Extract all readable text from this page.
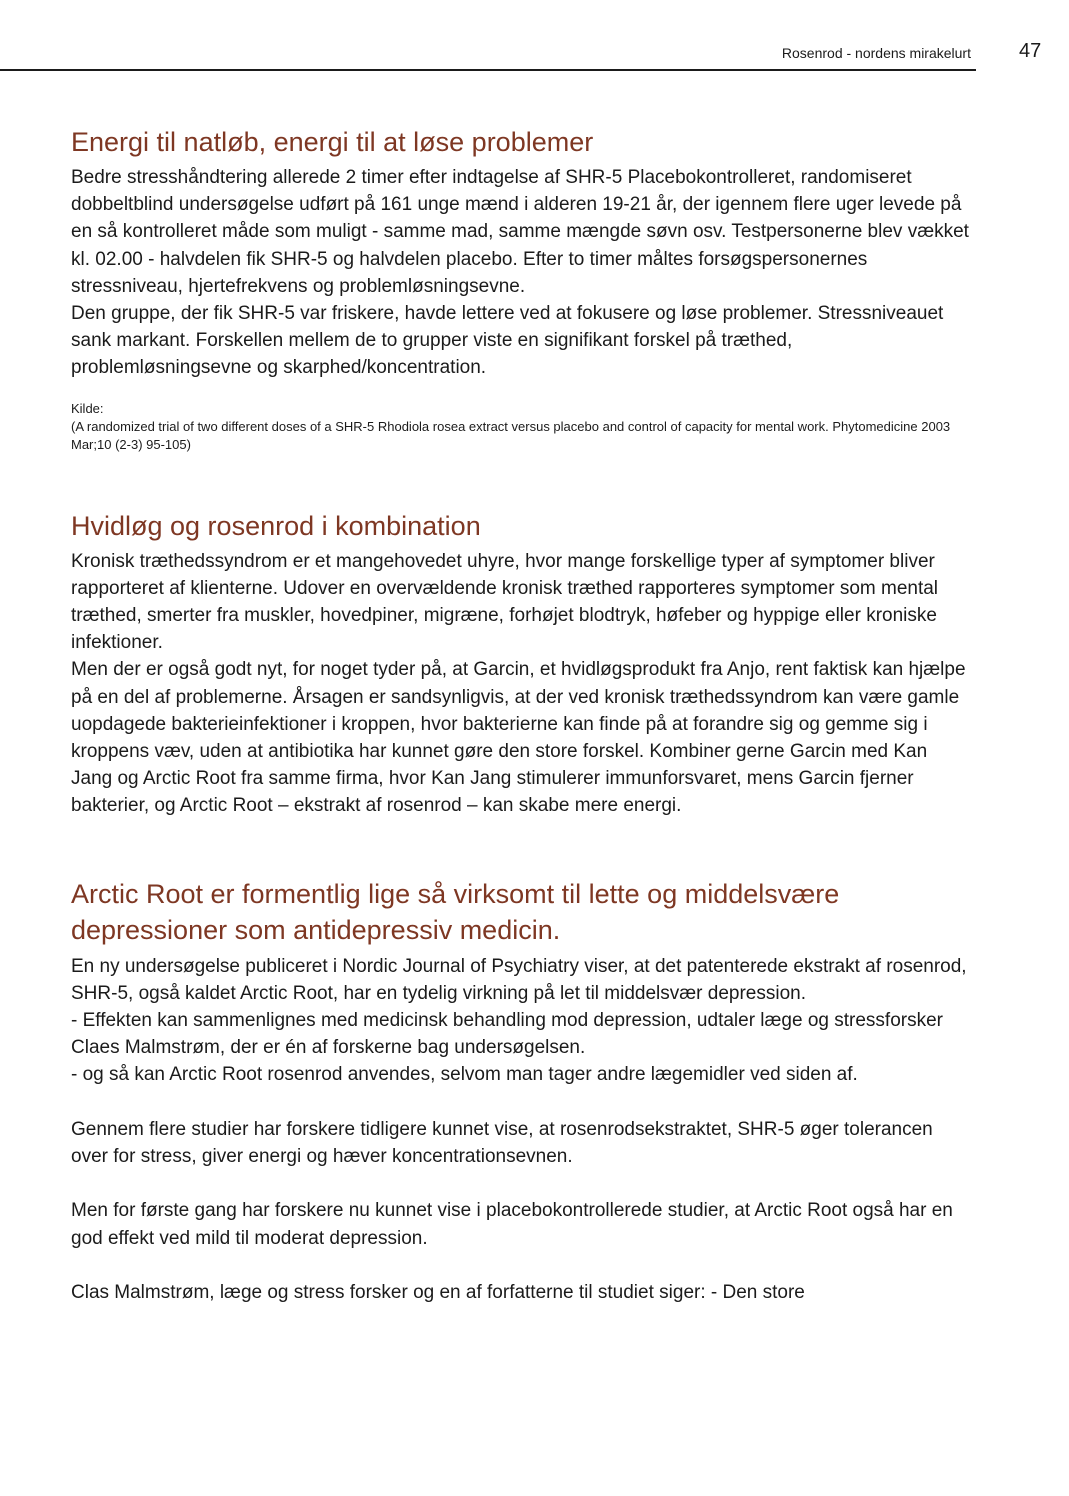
Rosenrod - nordens mirakelurt 47
Energi til natløb, energi til at løse problemer

Bedre stresshåndtering allerede 2 timer efter indtagelse af SHR-5 Placebokontrolleret, randomiseret dobbeltblind undersøgelse udført på 161 unge mænd i alderen 19-21 år, der igennem flere uger levede på en så kontrolleret måde som muligt - samme mad, samme mængde søvn osv. Testpersonerne blev vækket kl. 02.00 - halvdelen fik SHR-5 og halvdelen placebo. Efter to timer måltes forsøgspersonernes stressniveau, hjertefrekvens og problemløsningsevne.

Den gruppe, der fik SHR-5 var friskere, havde lettere ved at fokusere og løse problemer. Stressniveauet sank markant. Forskellen mellem de to grupper viste en signifikant forskel på træthed, problemløsningsevne og skarphed/koncentration.

Kilde:
(A randomized trial of two different doses of a SHR-5 Rhodiola rosea extract versus placebo and control of capacity for mental work. Phytomedicine 2003 Mar;10 (2-3) 95-105)
Hvidløg og rosenrod i kombination

Kronisk træthedssyndrom er et mangehovedet uhyre, hvor mange forskellige typer af symptomer bliver rapporteret af klienterne. Udover en overvældende kronisk træthed rapporteres symptomer som mental træthed, smerter fra muskler, hovedpiner, migræne, forhøjet blodtryk, høfeber og hyppige eller kroniske infektioner.

Men der er også godt nyt, for noget tyder på, at Garcin, et hvidløgsprodukt fra Anjo, rent faktisk kan hjælpe på en del af problemerne. Årsagen er sandsynligvis, at der ved kronisk træthedssyndrom kan være gamle uopdagede bakterieinfektioner i kroppen, hvor bakterierne kan finde på at forandre sig og gemme sig i kroppens væv, uden at antibiotika har kunnet gøre den store forskel. Kombiner gerne Garcin med Kan Jang og Arctic Root fra samme firma, hvor Kan Jang stimulerer immunforsvaret, mens Garcin fjerner bakterier, og Arctic Root – ekstrakt af rosenrod – kan skabe mere energi.

Arctic Root er formentlig lige så virksomt til lette og middelsvære depressioner som antidepressiv medicin.

En ny undersøgelse publiceret i Nordic Journal of Psychiatry viser, at det patenterede ekstrakt af rosenrod, SHR-5, også kaldet Arctic Root, har en tydelig virkning på let til middelsvær depression.

- Effekten kan sammenlignes med medicinsk behandling mod depression, udtaler læge og stressforsker Claes Malmstrøm, der er én af forskerne bag undersøgelsen.

- og så kan Arctic Root rosenrod anvendes, selvom man tager andre lægemidler ved siden af.

Gennem flere studier har forskere tidligere kunnet vise, at rosenrodsekstraktet, SHR-5 øger tolerancen over for stress, giver energi og hæver koncentrationsevnen.

Men for første gang har forskere nu kunnet vise i placebokontrollerede studier, at Arctic Root også har en god effekt ved mild til moderat depression.

Clas Malmstrøm, læge og stress forsker og en af forfatterne til studiet siger: - Den store
